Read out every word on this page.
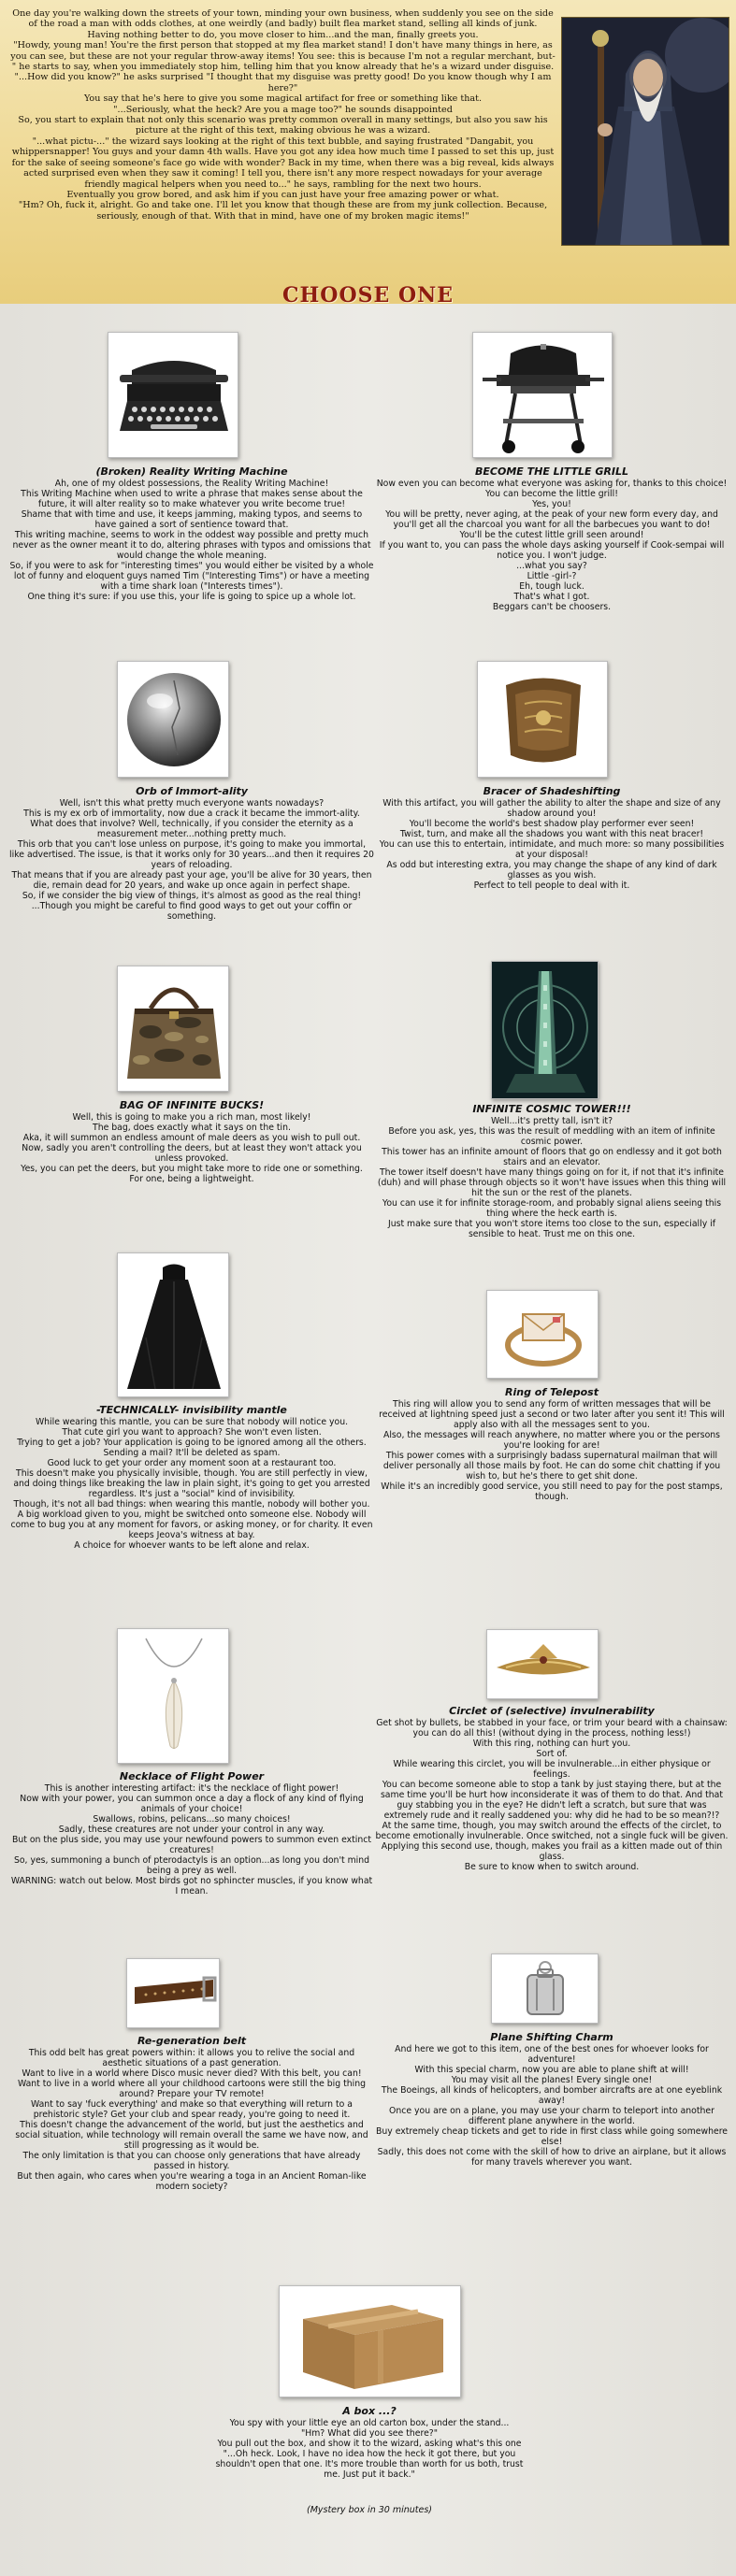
One day you're walking down the streets of your town, minding your own business, when suddenly you see on the side of the road a man with odds clothes, at one weirdly (and badly) built flea market stand, selling all kinds of junk.

Having nothing better to do, you move closer to him...and the man, finally greets you.

"Howdy, young man! You're the first person that stopped at my flea market stand! I don't have many things in here, as you can see, but these are not your regular throw-away items! You see: this is because I'm not a regular merchant, but-" he starts to say, when you immediately stop him, telling him that you know already that he's a wizard under disguise.

"...How did you know?" he asks surprised "I thought that my disguise was pretty good! Do you know though why I am here?"

You say that he's here to give you some magical artifact for free or something like that.

"...Seriously, what the heck? Are you a mage too?" he sounds disappointed

So, you start to explain that not only this scenario was pretty common overall in many settings, but also you saw his picture at the right of this text, making obvious he was a wizard.

"...what pictu-..." the wizard says looking at the right of this text bubble, and saying frustrated "Dangabit, you whippersnapper! You guys and your damn 4th walls. Have you got any idea how much time I passed to set this up, just for the sake of seeing someone's face go wide with wonder? Back in my time, when there was a big reveal, kids always acted surprised even when they saw it coming! I tell you, there isn't any more respect nowadays for your average friendly magical helpers when you need to..." he says, rambling for the next two hours.

Eventually you grow bored, and ask him if you can just have your free amazing power or what.

"Hm? Oh, fuck it, alright. Go and take one. I'll let you know that though these are from my junk collection. Because, seriously, enough of that. With that in mind, have one of my broken magic items!"

CHOOSE ONE
(Broken) Reality Writing Machine

Ah, one of my oldest possessions, the Reality Writing Machine!

This Writing Machine when used to write a phrase that makes sense about the future, it will alter reality so to make whatever you write become true!

Shame that with time and use, it keeps jamming, making typos, and seems to have gained a sort of sentience toward that.

This writing machine, seems to work in the oddest way possible and pretty much never as the owner meant it to do, altering phrases with typos and omissions that would change the whole meaning.

So, if you were to ask for "interesting times" you would either be visited by a whole lot of funny and eloquent guys named Tim ("Interesting Tims") or have a meeting with a time shark loan ("Interests times").

One thing it's sure: if you use this, your life is going to spice up a whole lot.

BECOME THE LITTLE GRILL

Now even you can become what everyone was asking for, thanks to this choice!

You can become the little grill!

Yes, you!

You will be pretty, never aging, at the peak of your new form every day, and you'll get all the charcoal you want for all the barbecues you want to do!

You'll be the cutest little grill seen around!

If you want to, you can pass the whole days asking yourself if Cook-sempai will notice you. I won't judge.

...what you say?

Little -girl-?

Eh, tough luck.

That's what I got.

Beggars can't be choosers.

Orb of Immort-ality

Well, isn't this what pretty much everyone wants nowadays?

This is my ex orb of immortality, now due a crack it became the immort-ality.

What does that involve? Well, technically, if you consider the eternity as a measurement meter...nothing pretty much.

This orb that you can't lose unless on purpose, it's going to make you immortal, like advertised. The issue, is that it works only for 30 years...and then it requires 20 years of reloading.

That means that if you are already past your age, you'll be alive for 30 years, then die, remain dead for 20 years, and wake up once again in perfect shape.

So, if we consider the big view of things, it's almost as good as the real thing!

...Though you might be careful to find good ways to get out your coffin or something.

Bracer of Shadeshifting

With this artifact, you will gather the ability to alter the shape and size of any shadow around you!

You'll become the world's best shadow play performer ever seen!

Twist, turn, and make all the shadows you want with this neat bracer!

You can use this to entertain, intimidate, and much more: so many possibilities at your disposal!

As odd but interesting extra, you may change the shape of any kind of dark glasses as you wish.

Perfect to tell people to deal with it.

BAG OF INFINITE BUCKS!

Well, this is going to make you a rich man, most likely!

The bag, does exactly what it says on the tin.

Aka, it will summon an endless amount of male deers as you wish to pull out.

Now, sadly you aren't controlling the deers, but at least they won't attack you unless provoked.

Yes, you can pet the deers, but you might take more to ride one or something.

For one, being a lightweight.

INFINITE COSMIC TOWER!!!

Well...it's pretty tall, isn't it?

Before you ask, yes, this was the result of meddling with an item of infinite cosmic power.

This tower has an infinite amount of floors that go on endlessy and it got both stairs and an elevator.

The tower itself doesn't have many things going on for it, if not that it's infinite (duh) and will phase through objects so it won't have issues when this thing will hit the sun or the rest of the planets.

You can use it for infinite storage-room, and probably signal aliens seeing this thing where the heck earth is.

Just make sure that you won't store items too close to the sun, especially if sensible to heat. Trust me on this one.

-TECHNICALLY- invisibility mantle

While wearing this mantle, you can be sure that nobody will notice you.

That cute girl you want to approach? She won't even listen.

Trying to get a job? Your application is going to be ignored among all the others.

Sending a mail? It'll be deleted as spam.

Good luck to get your order any moment soon at a restaurant too.

This doesn't make you physically invisible, though. You are still perfectly in view, and doing things like breaking the law in plain sight, it's going to get you arrested regardless. It's just a "social" kind of invisibility.

Though, it's not all bad things: when wearing this mantle, nobody will bother you. A big workload given to you, might be switched onto someone else. Nobody will come to bug you at any moment for favors, or asking money, or for charity. It even keeps Jeova's witness at bay.

A choice for whoever wants to be left alone and relax.

Ring of Telepost

This ring will allow you to send any form of written messages that will be received at lightning speed just a second or two later after you sent it! This will apply also with all the messages sent to you.

Also, the messages will reach anywhere, no matter where you or the persons you're looking for are!

This power comes with a surprisingly badass supernatural mailman that will deliver personally all those mails by foot. He can do some chit chatting if you wish to, but he's there to get shit done.

While it's an incredibly good service, you still need to pay for the post stamps, though.

Necklace of Flight Power

This is another interesting artifact: it's the necklace of flight power!

Now with your power, you can summon once a day a flock of any kind of flying animals of your choice!

Swallows, robins, pelicans...so many choices!

Sadly, these creatures are not under your control in any way.

But on the plus side, you may use your newfound powers to summon even extinct creatures!

So, yes, summoning a bunch of pterodactyls is an option...as long you don't mind being a prey as well.

WARNING: watch out below. Most birds got no sphincter muscles, if you know what I mean.

Circlet of (selective) invulnerability

Get shot by bullets, be stabbed in your face, or trim your beard with a chainsaw: you can do all this! (without dying in the process, nothing less!)

With this ring, nothing can hurt you.

Sort of.

While wearing this circlet, you will be invulnerable...in either physique or feelings.

You can become someone able to stop a tank by just staying there, but at the same time you'll be hurt how inconsiderate it was of them to do that. And that guy stabbing you in the eye? He didn't left a scratch, but sure that was extremely rude and it really saddened you: why did he had to be so mean?!?

At the same time, though, you may switch around the effects of the circlet, to become emotionally invulnerable. Once switched, not a single fuck will be given. Applying this second use, though, makes you frail as a kitten made out of thin glass.

Be sure to know when to switch around.

Re-generation belt

This odd belt has great powers within: it allows you to relive the social and aesthetic situations of a past generation.

Want to live in a world where Disco music never died? With this belt, you can!

Want to live in a world where all your childhood cartoons were still the big thing around? Prepare your TV remote!

Want to say 'fuck everything' and make so that everything will return to a prehistoric style? Get your club and spear ready, you're going to need it.

This doesn't change the advancement of the world, but just the aesthetics and social situation, while technology will remain overall the same we have now, and still progressing as it would be.

The only limitation is that you can choose only generations that have already passed in history.

But then again, who cares when you're wearing a toga in an Ancient Roman-like modern society?

Plane Shifting Charm

And here we got to this item, one of the best ones for whoever looks for adventure!

With this special charm, now you are able to plane shift at will!

You may visit all the planes! Every single one!

The Boeings, all kinds of helicopters, and bomber aircrafts are at one eyeblink away!

Once you are on a plane, you may use your charm to teleport into another different plane anywhere in the world.

Buy extremely cheap tickets and get to ride in first class while going somewhere else!

Sadly, this does not come with the skill of how to drive an airplane, but it allows for many travels wherever you want.

A box ...?

You spy with your little eye an old carton box, under the stand...

"Hm? What did you see there?"

You pull out the box, and show it to the wizard, asking what's this one

"...Oh heck. Look, I have no idea how the heck it got there, but you shouldn't open that one. It's more trouble than worth for us both, trust me. Just put it back."

(Mystery box in 30 minutes)
